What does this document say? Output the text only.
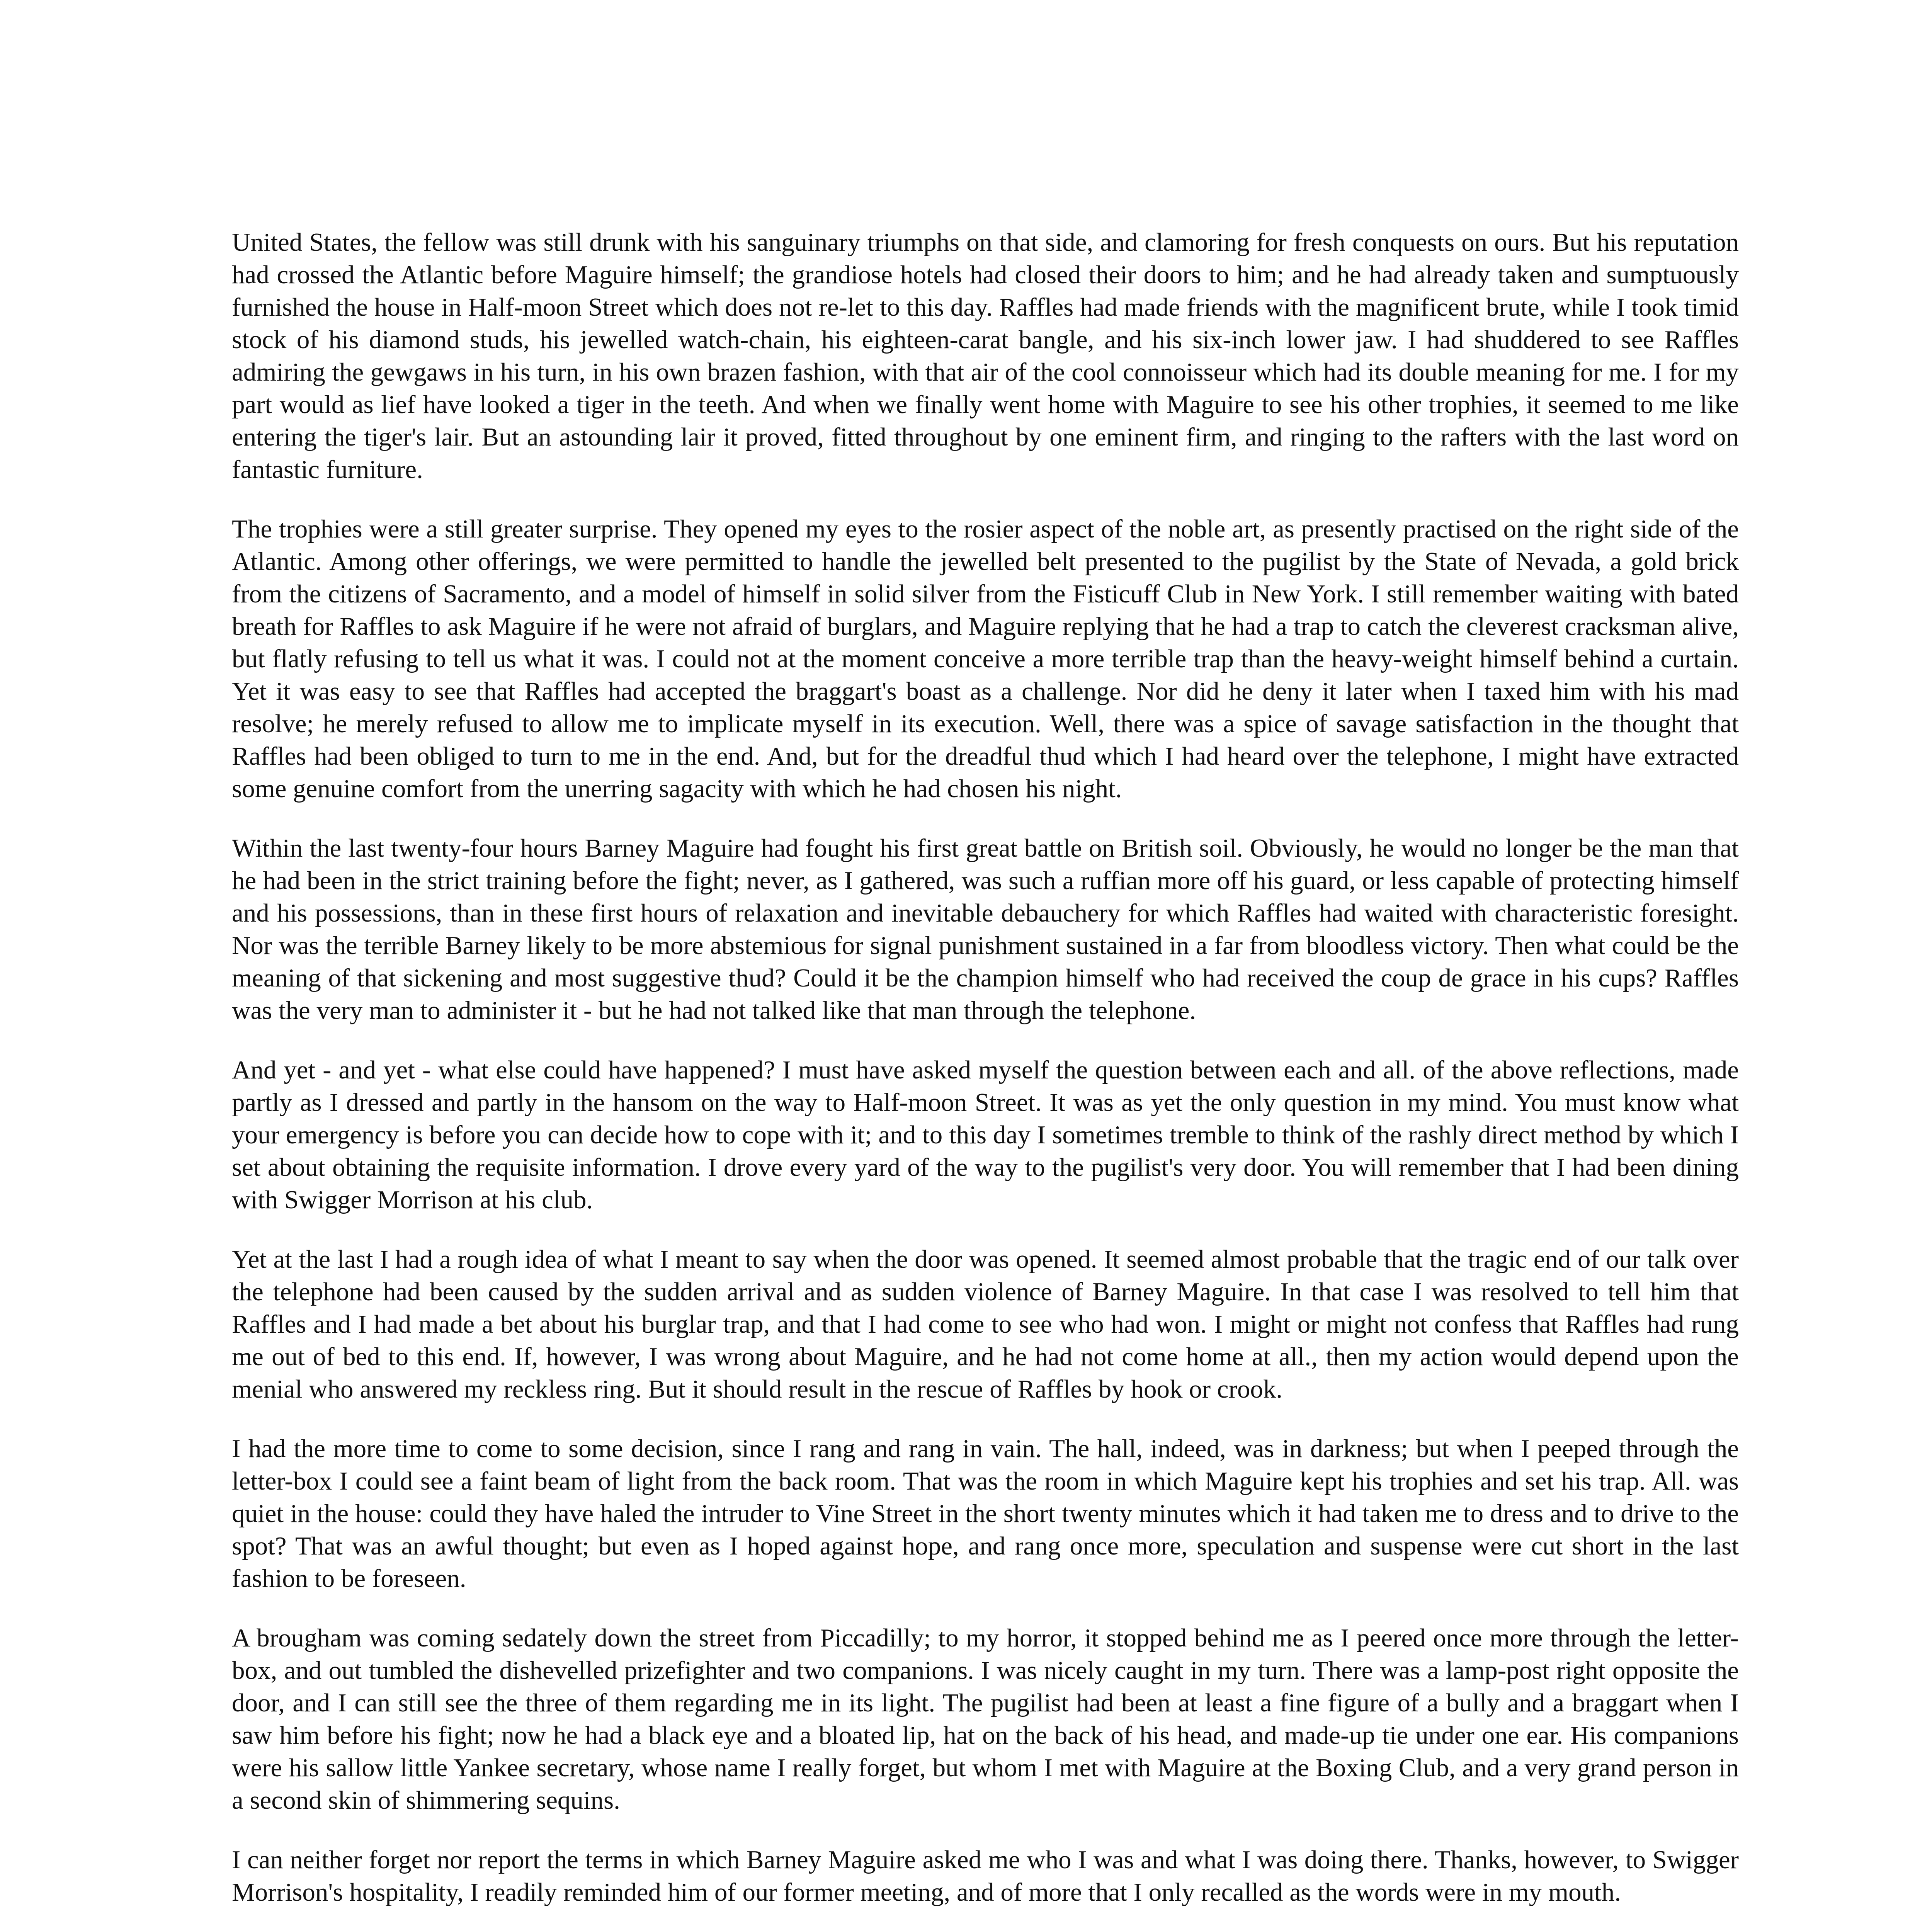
United States, the fellow was still drunk with his sanguinary triumphs on that side, and clamoring for fresh conquests on ours. But his reputation had crossed the Atlantic before Maguire himself; the grandiose hotels had closed their doors to him; and he had already taken and sumptuously furnished the house in Half-moon Street which does not re-let to this day. Raffles had made friends with the magnificent brute, while I took timid stock of his diamond studs, his jewelled watch-chain, his eighteen-carat bangle, and his six-inch lower jaw. I had shuddered to see Raffles admiring the gewgaws in his turn, in his own brazen fashion, with that air of the cool connoisseur which had its double meaning for me. I for my part would as lief have looked a tiger in the teeth. And when we finally went home with Maguire to see his other trophies, it seemed to me like entering the tiger's lair. But an astounding lair it proved, fitted throughout by one eminent firm, and ringing to the rafters with the last word on fantastic furniture.

The trophies were a still greater surprise. They opened my eyes to the rosier aspect of the noble art, as presently practised on the right side of the Atlantic. Among other offerings, we were permitted to handle the jewelled belt presented to the pugilist by the State of Nevada, a gold brick from the citizens of Sacramento, and a model of himself in solid silver from the Fisticuff Club in New York. I still remember waiting with bated breath for Raffles to ask Maguire if he were not afraid of burglars, and Maguire replying that he had a trap to catch the cleverest cracksman alive, but flatly refusing to tell us what it was. I could not at the moment conceive a more terrible trap than the heavy-weight himself behind a curtain. Yet it was easy to see that Raffles had accepted the braggart's boast as a challenge. Nor did he deny it later when I taxed him with his mad resolve; he merely refused to allow me to implicate myself in its execution. Well, there was a spice of savage satisfaction in the thought that Raffles had been obliged to turn to me in the end. And, but for the dreadful thud which I had heard over the telephone, I might have extracted some genuine comfort from the unerring sagacity with which he had chosen his night.

Within the last twenty-four hours Barney Maguire had fought his first great battle on British soil. Obviously, he would no longer be the man that he had been in the strict training before the fight; never, as I gathered, was such a ruffian more off his guard, or less capable of protecting himself and his possessions, than in these first hours of relaxation and inevitable debauchery for which Raffles had waited with characteristic foresight. Nor was the terrible Barney likely to be more abstemious for signal punishment sustained in a far from bloodless victory. Then what could be the meaning of that sickening and most suggestive thud? Could it be the champion himself who had received the coup de grace in his cups? Raffles was the very man to administer it - but he had not talked like that man through the telephone.

And yet - and yet - what else could have happened? I must have asked myself the question between each and all. of the above reflections, made partly as I dressed and partly in the hansom on the way to Half-moon Street. It was as yet the only question in my mind. You must know what your emergency is before you can decide how to cope with it; and to this day I sometimes tremble to think of the rashly direct method by which I set about obtaining the requisite information. I drove every yard of the way to the pugilist's very door. You will remember that I had been dining with Swigger Morrison at his club.

Yet at the last I had a rough idea of what I meant to say when the door was opened. It seemed almost probable that the tragic end of our talk over the telephone had been caused by the sudden arrival and as sudden violence of Barney Maguire. In that case I was resolved to tell him that Raffles and I had made a bet about his burglar trap, and that I had come to see who had won. I might or might not confess that Raffles had rung me out of bed to this end. If, however, I was wrong about Maguire, and he had not come home at all., then my action would depend upon the menial who answered my reckless ring. But it should result in the rescue of Raffles by hook or crook.

I had the more time to come to some decision, since I rang and rang in vain. The hall, indeed, was in darkness; but when I peeped through the letter-box I could see a faint beam of light from the back room. That was the room in which Maguire kept his trophies and set his trap. All. was quiet in the house: could they have haled the intruder to Vine Street in the short twenty minutes which it had taken me to dress and to drive to the spot? That was an awful thought; but even as I hoped against hope, and rang once more, speculation and suspense were cut short in the last fashion to be foreseen.

A brougham was coming sedately down the street from Piccadilly; to my horror, it stopped behind me as I peered once more through the letter-box, and out tumbled the dishevelled prizefighter and two companions. I was nicely caught in my turn. There was a lamp-post right opposite the door, and I can still see the three of them regarding me in its light. The pugilist had been at least a fine figure of a bully and a braggart when I saw him before his fight; now he had a black eye and a bloated lip, hat on the back of his head, and made-up tie under one ear. His companions were his sallow little Yankee secretary, whose name I really forget, but whom I met with Maguire at the Boxing Club, and a very grand person in a second skin of shimmering sequins.

I can neither forget nor report the terms in which Barney Maguire asked me who I was and what I was doing there. Thanks, however, to Swigger Morrison's hospitality, I readily reminded him of our former meeting, and of more that I only recalled as the words were in my mouth.
